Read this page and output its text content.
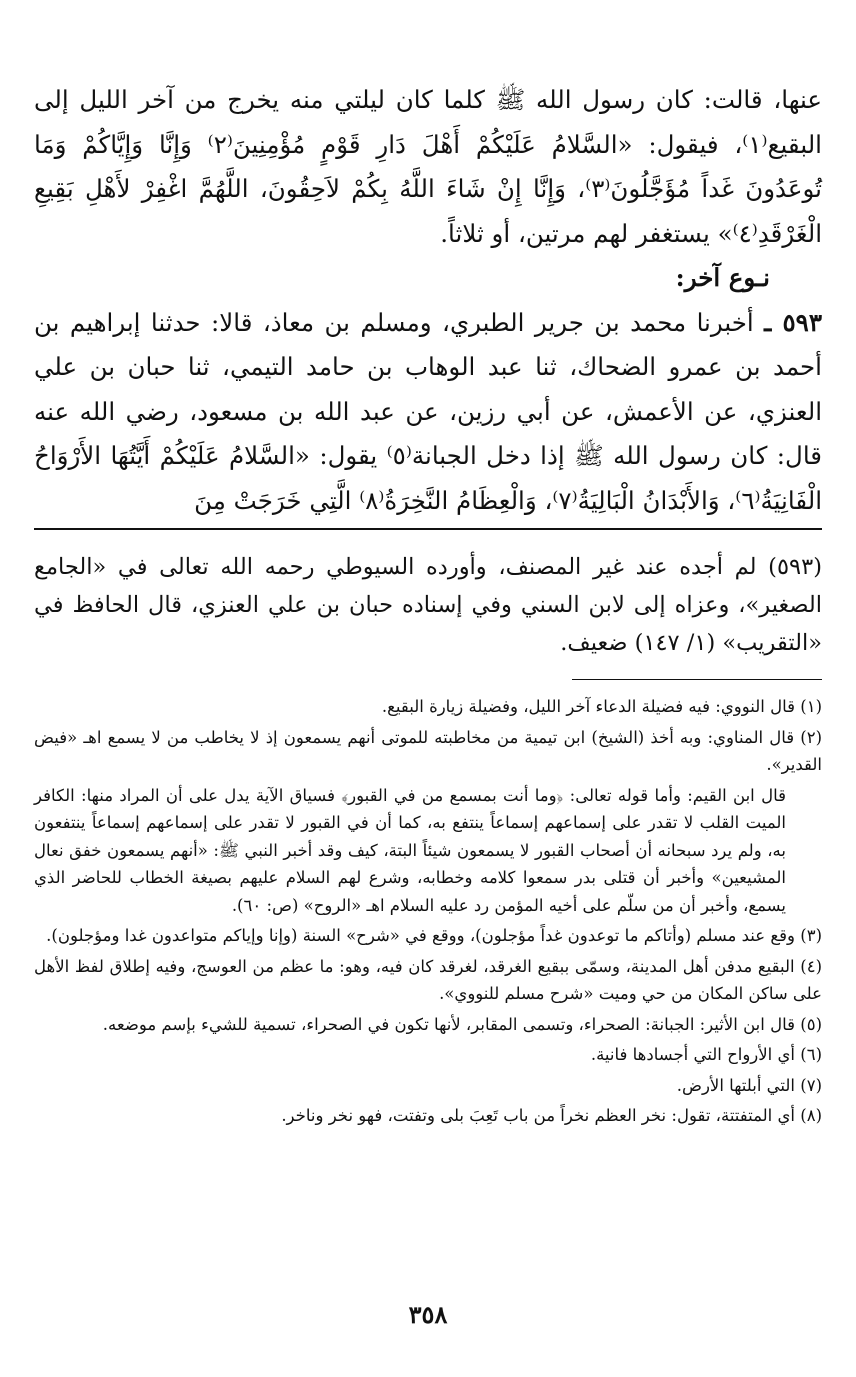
عنها، قالت: كان رسول الله ﷺ كلما كان ليلتي منه يخرج من آخر الليل إلى البقيع⁽١⁾، فيقول: «السَّلامُ عَلَيْكُمْ أَهْلَ دَارِ قَوْمٍ مُؤْمِنِينَ⁽٢⁾ وَإِنَّا وَإِيَّاكُمْ وَمَا تُوعَدُونَ غَداً مُؤَجَّلُونَ⁽٣⁾، وَإِنَّا إِنْ شَاءَ اللَّهُ بِكُمْ لاَحِقُونَ، اللَّهُمَّ اغْفِرْ لأَهْلِ بَقِيعِ الْغَرْقَدِ⁽٤⁾» يستغفر لهم مرتين، أو ثلاثاً.

نـوع آخر:

٥٩٣ ـ أخبرنا محمد بن جرير الطبري، ومسلم بن معاذ، قالا: حدثنا إبراهيم بن أحمد بن عمرو الضحاك، ثنا عبد الوهاب بن حامد التيمي، ثنا حبان بن علي العنزي، عن الأعمش، عن أبي رزين، عن عبد الله بن مسعود، رضي الله عنه قال: كان رسول الله ﷺ إذا دخل الجبانة⁽٥⁾ يقول: «السَّلامُ عَلَيْكُمْ أَيَّتُهَا الأَرْوَاحُ الْفَانِيَةُ⁽٦⁾، وَالأَبْدَانُ الْبَالِيَةُ⁽٧⁾، وَالْعِظَامُ النَّخِرَةُ⁽٨⁾ الَّتِي خَرَجَتْ مِنَ

(٥٩٣) لم أجده عند غير المصنف، وأورده السيوطي رحمه الله تعالى في «الجامع الصغير»، وعزاه إلى لابن السني وفي إسناده حبان بن علي العنزي، قال الحافظ في «التقريب» (١/ ١٤٧) ضعيف.

(١) قال النووي: فيه فضيلة الدعاء آخر الليل، وفضيلة زيارة البقيع.

(٢) قال المناوي: وبه أخذ (الشيخ) ابن تيمية من مخاطبته للموتى أنهم يسمعون إذ لا يخاطب من لا يسمع اهـ «فيض القدير».

قال ابن القيم: وأما قوله تعالى: ﴿وما أنت بمسمع من في القبور﴾ فسياق الآية يدل على أن المراد منها: الكافر الميت القلب لا تقدر على إسماعهم إسماعاً ينتفع به، كما أن في القبور لا تقدر على إسماعهم إسماعاً ينتفعون به، ولم يرد سبحانه أن أصحاب القبور لا يسمعون شيئاً البتة، كيف وقد أخبر النبي ﷺ: «أنهم يسمعون خفق نعال المشيعين» وأخبر أن قتلى بدر سمعوا كلامه وخطابه، وشرع لهم السلام عليهم بصيغة الخطاب للحاضر الذي يسمع، وأخبر أن من سلّم على أخيه المؤمن رد عليه السلام اهـ «الروح» (ص: ٦٠).

(٣) وقع عند مسلم (وأتاكم ما توعدون غداً مؤجلون)، ووقع في «شرح» السنة (وإنا وإياكم متواعدون غدا ومؤجلون).

(٤) البقيع مدفن أهل المدينة، وسمّى ببقيع الغرقد، لغرقد كان فيه، وهو: ما عظم من العوسج، وفيه إطلاق لفظ الأهل على ساكن المكان من حي وميت «شرح مسلم للنووي».

(٥) قال ابن الأثير: الجبانة: الصحراء، وتسمى المقابر، لأنها تكون في الصحراء، تسمية للشيء بإسم موضعه.

(٦) أي الأرواح التي أجسادها فانية.

(٧) التي أبلتها الأرض.

(٨) أي المتفتتة، تقول: نخر العظم نخراً من باب تَعِبَ بلى وتفتت، فهو نخر وناخر.

٣٥٨
